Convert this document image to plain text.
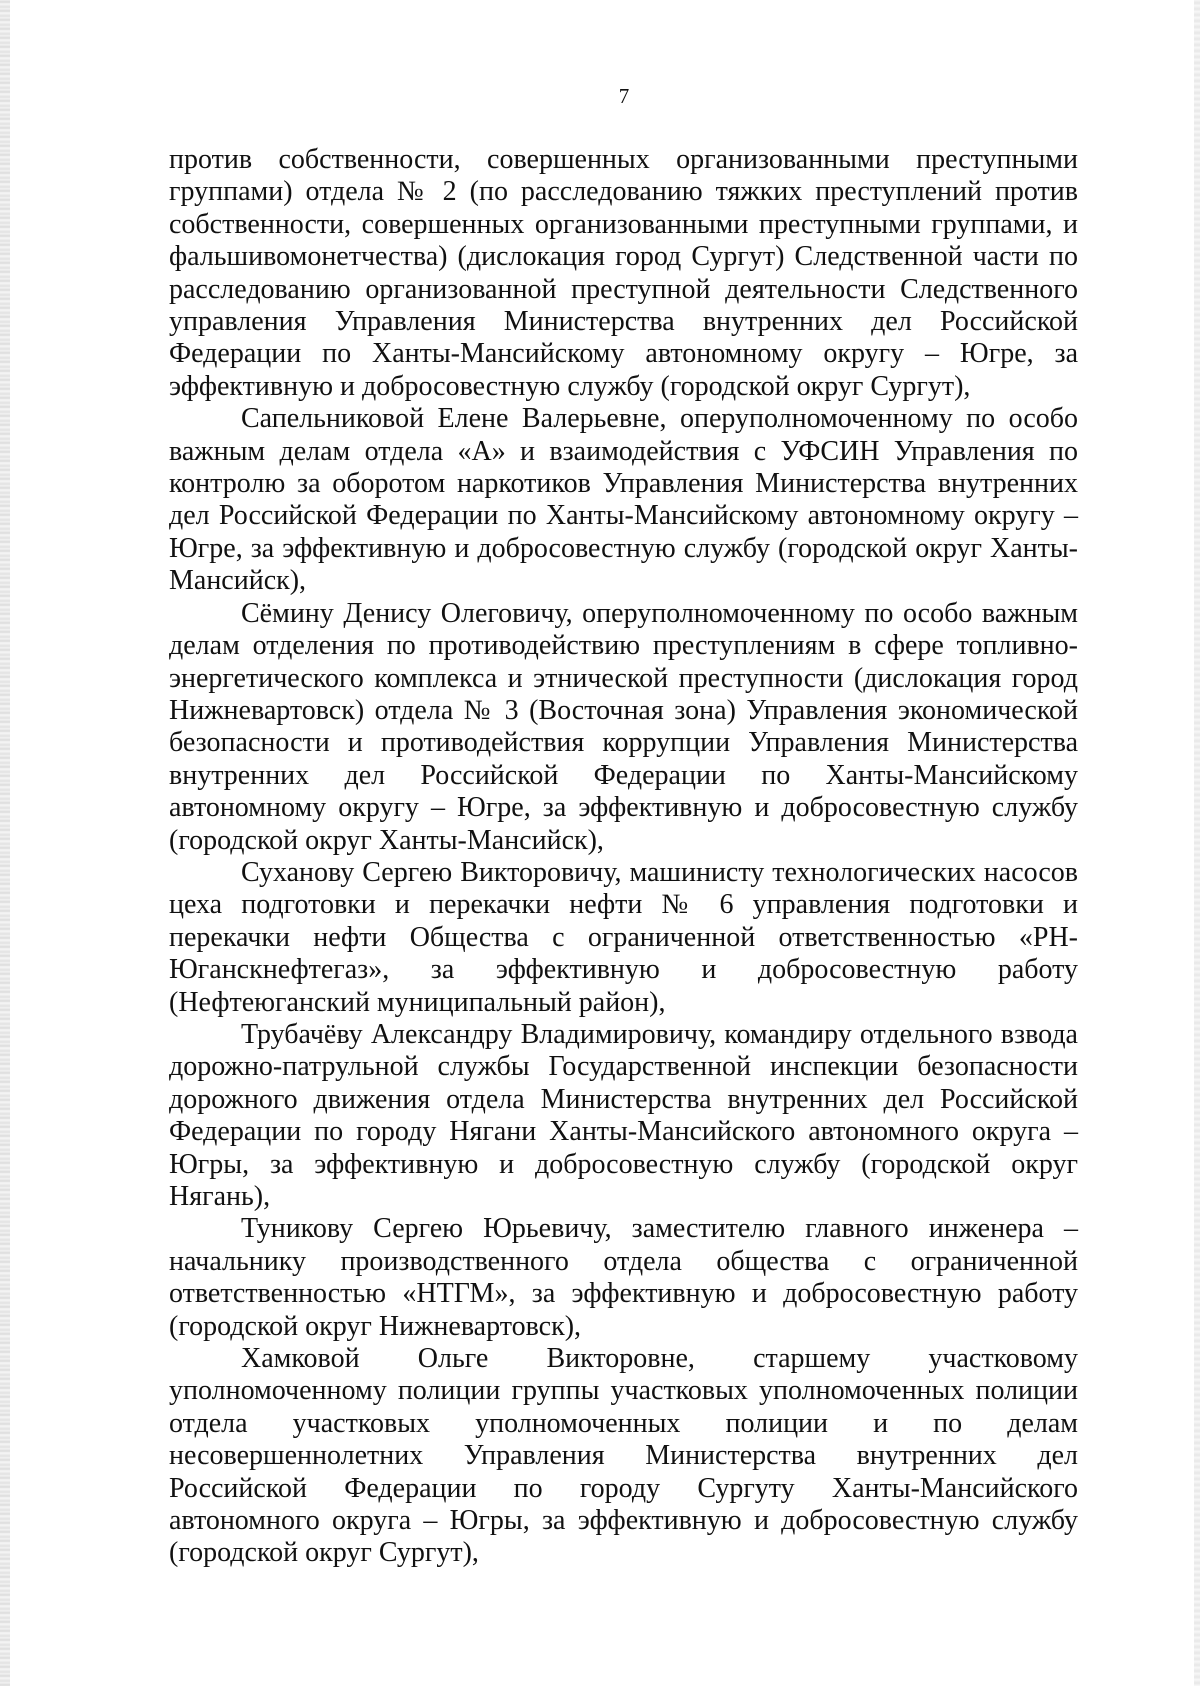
7

против собственности, совершенных организованными преступными группами) отдела № 2 (по расследованию тяжких преступлений против собственности, совершенных организованными преступными группами, и фальшивомонетчества) (дислокация город Сургут) Следственной части по расследованию организованной преступной деятельности Следственного управления Управления Министерства внутренних дел Российской Федерации по Ханты-Мансийскому автономному округу – Югре, за эффективную и добросовестную службу (городской округ Сургут),

Сапельниковой Елене Валерьевне, оперуполномоченному по особо важным делам отдела «А» и взаимодействия с УФСИН Управления по контролю за оборотом наркотиков Управления Министерства внутренних дел Российской Федерации по Ханты-Мансийскому автономному округу – Югре, за эффективную и добросовестную службу (городской округ Ханты-Мансийск),

Сёмину Денису Олеговичу, оперуполномоченному по особо важным делам отделения по противодействию преступлениям в сфере топливно-энергетического комплекса и этнической преступности (дислокация город Нижневартовск) отдела № 3 (Восточная зона) Управления экономической безопасности и противодействия коррупции Управления Министерства внутренних дел Российской Федерации по Ханты-Мансийскому автономному округу – Югре, за эффективную и добросовестную службу (городской округ Ханты-Мансийск),

Суханову Сергею Викторовичу, машинисту технологических насосов цеха подготовки и перекачки нефти № 6 управления подготовки и перекачки нефти Общества с ограниченной ответственностью «РН-Юганскнефтегаз», за эффективную и добросовестную работу (Нефтеюганский муниципальный район),

Трубачёву Александру Владимировичу, командиру отдельного взвода дорожно-патрульной службы Государственной инспекции безопасности дорожного движения отдела Министерства внутренних дел Российской Федерации по городу Нягани Ханты-Мансийского автономного округа – Югры, за эффективную и добросовестную службу (городской округ Нягань),

Туникову Сергею Юрьевичу, заместителю главного инженера – начальнику производственного отдела общества с ограниченной ответственностью «НТГМ», за эффективную и добросовестную работу (городской округ Нижневартовск),

Хамковой Ольге Викторовне, старшему участковому уполномоченному полиции группы участковых уполномоченных полиции отдела участковых уполномоченных полиции и по делам несовершеннолетних Управления Министерства внутренних дел Российской Федерации по городу Сургуту Ханты-Мансийского автономного округа – Югры, за эффективную и добросовестную службу (городской округ Сургут),
